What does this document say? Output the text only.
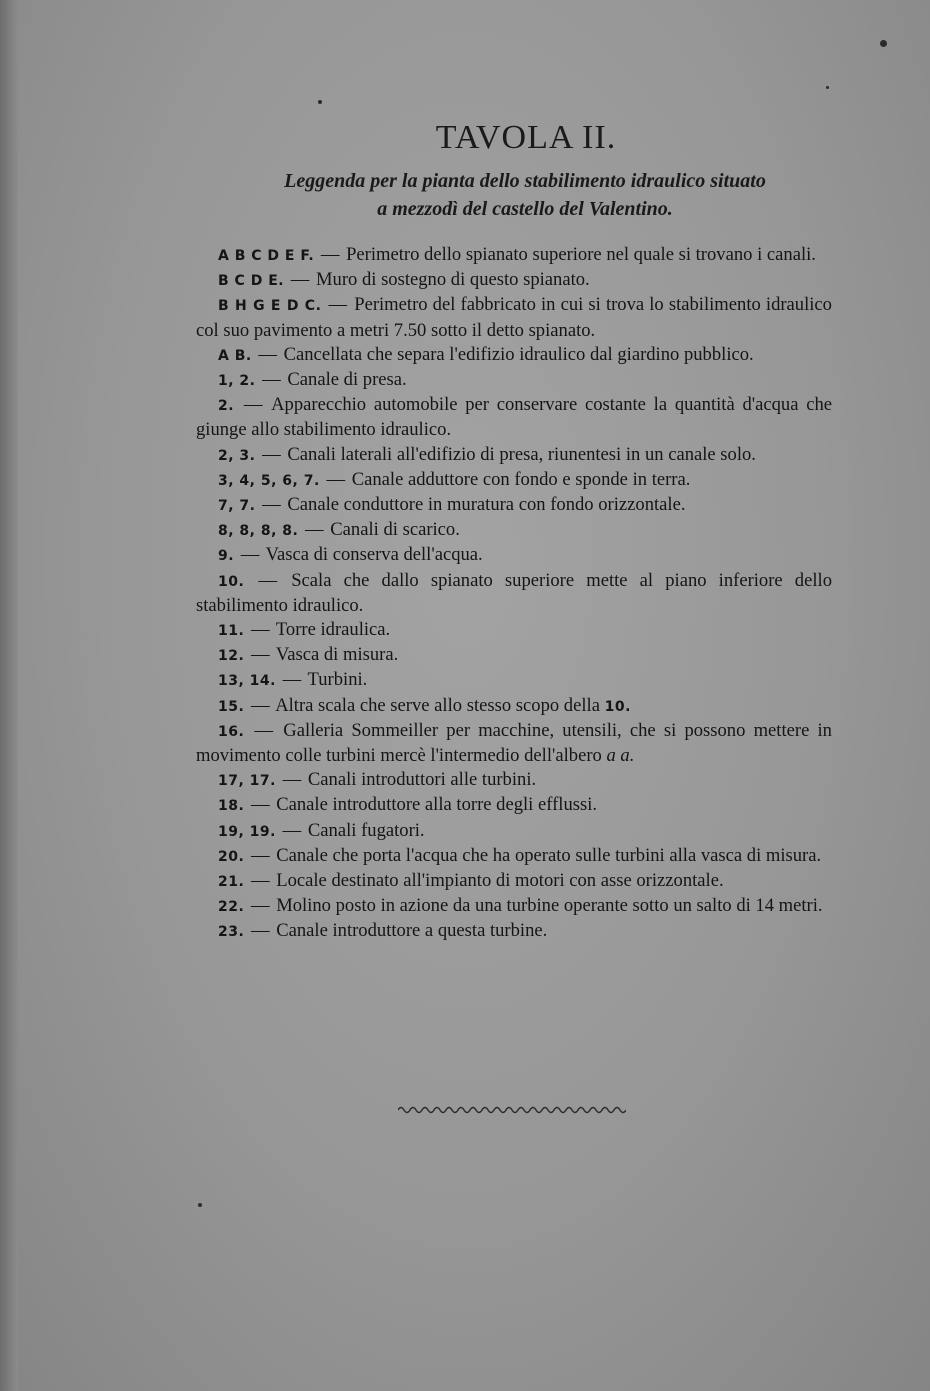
TAVOLA II.
Leggenda per la pianta dello stabilimento idraulico situato
a mezzodì del castello del Valentino.

A B C D E F. — Perimetro dello spianato superiore nel quale si trovano i canali.

B C D E. — Muro di sostegno di questo spianato.

B H G E D C. — Perimetro del fabbricato in cui si trova lo stabilimento idraulico col suo pavimento a metri 7.50 sotto il detto spianato.

A B. — Cancellata che separa l'edifizio idraulico dal giardino pubblico.

1, 2. — Canale di presa.

2. — Apparecchio automobile per conservare costante la quantità d'acqua che giunge allo stabilimento idraulico.

2, 3. — Canali laterali all'edifizio di presa, riunentesi in un canale solo.

3, 4, 5, 6, 7. — Canale adduttore con fondo e sponde in terra.

7, 7. — Canale conduttore in muratura con fondo orizzontale.

8, 8, 8, 8. — Canali di scarico.

9. — Vasca di conserva dell'acqua.

10. — Scala che dallo spianato superiore mette al piano inferiore dello stabilimento idraulico.

11. — Torre idraulica.

12. — Vasca di misura.

13, 14. — Turbini.

15. — Altra scala che serve allo stesso scopo della 10.

16. — Galleria Sommeiller per macchine, utensili, che si possono mettere in movimento colle turbini mercè l'intermedio dell'albero a a.

17, 17. — Canali introduttori alle turbini.

18. — Canale introduttore alla torre degli efflussi.

19, 19. — Canali fugatori.

20. — Canale che porta l'acqua che ha operato sulle turbini alla vasca di misura.

21. — Locale destinato all'impianto di motori con asse orizzontale.

22. — Molino posto in azione da una turbine operante sotto un salto di 14 metri.

23. — Canale introduttore a questa turbine.
